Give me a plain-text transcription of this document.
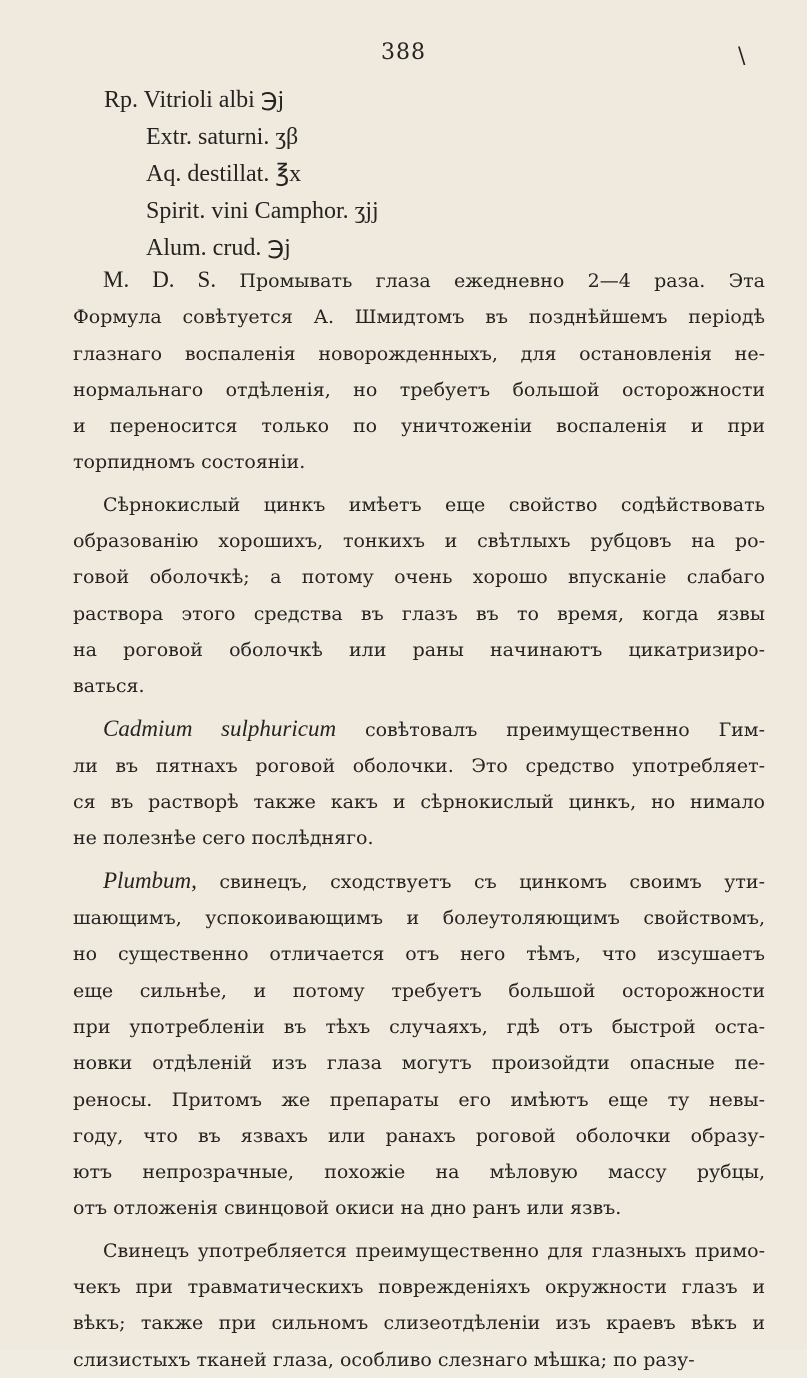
388	\
Rp. Vitrioli albi ℈j
Extr. saturni. ʒβ
Aq. destillat. ℥x
Spirit. vini Camphor. ʒjj
Alum. crud. ℈j
M. D. S. Промывать глаза ежедневно 2—4 раза. Эта
Формула совѣтуется А. Шмидтомъ въ позднѣйшемъ періодѣ
глазнаго воспаленія новорожденныхъ, для остановленія не-
нормальнаго отдѣленія, но требуетъ большой осторожности
и переносится только по уничтоженіи воспаленія и при
торпидномъ состояніи.
Сѣрнокислый цинкъ имѣетъ еще свойство содѣйствовать
образованію хорошихъ, тонкихъ и свѣтлыхъ рубцовъ на ро-
говой оболочкѣ; а потому очень хорошо впусканіе слабаго
раствора этого средства въ глазъ въ то время, когда язвы
на роговой оболочкѣ или раны начинаютъ цикатризиро-
ваться.
Cadmium sulphuricum совѣтовалъ преимущественно Гим-
ли въ пятнахъ роговой оболочки. Это средство употребляет-
ся въ растворѣ также какъ и сѣрнокислый цинкъ, но нимало
не полезнѣе сего послѣдняго.
Plumbum, свинецъ, сходствуетъ съ цинкомъ своимъ ути-
шающимъ, успокоивающимъ и болеутоляющимъ свойствомъ,
но существенно отличается отъ него тѣмъ, что изсушаетъ
еще сильнѣе, и потому требуетъ большой осторожности
при употребленіи въ тѣхъ случаяхъ, гдѣ отъ быстрой оста-
новки отдѣленій изъ глаза могутъ произойдти опасные пе-
реносы. Притомъ же препараты его имѣютъ еще ту невы-
году, что въ язвахъ или ранахъ роговой оболочки образу-
ютъ непрозрачные, похожіе на мѣловую массу рубцы,
отъ отложенія свинцовой окиси на дно ранъ или язвъ.
Свинецъ употребляется преимущественно для глазныхъ примо-
чекъ при травматическихъ поврежденіяхъ окружности глазъ и
вѣкъ; также при сильномъ слизеотдѣленіи изъ краевъ вѣкъ и
слизистыхъ ткaней глаза, особливо слезнаго мѣшка; по разу-
